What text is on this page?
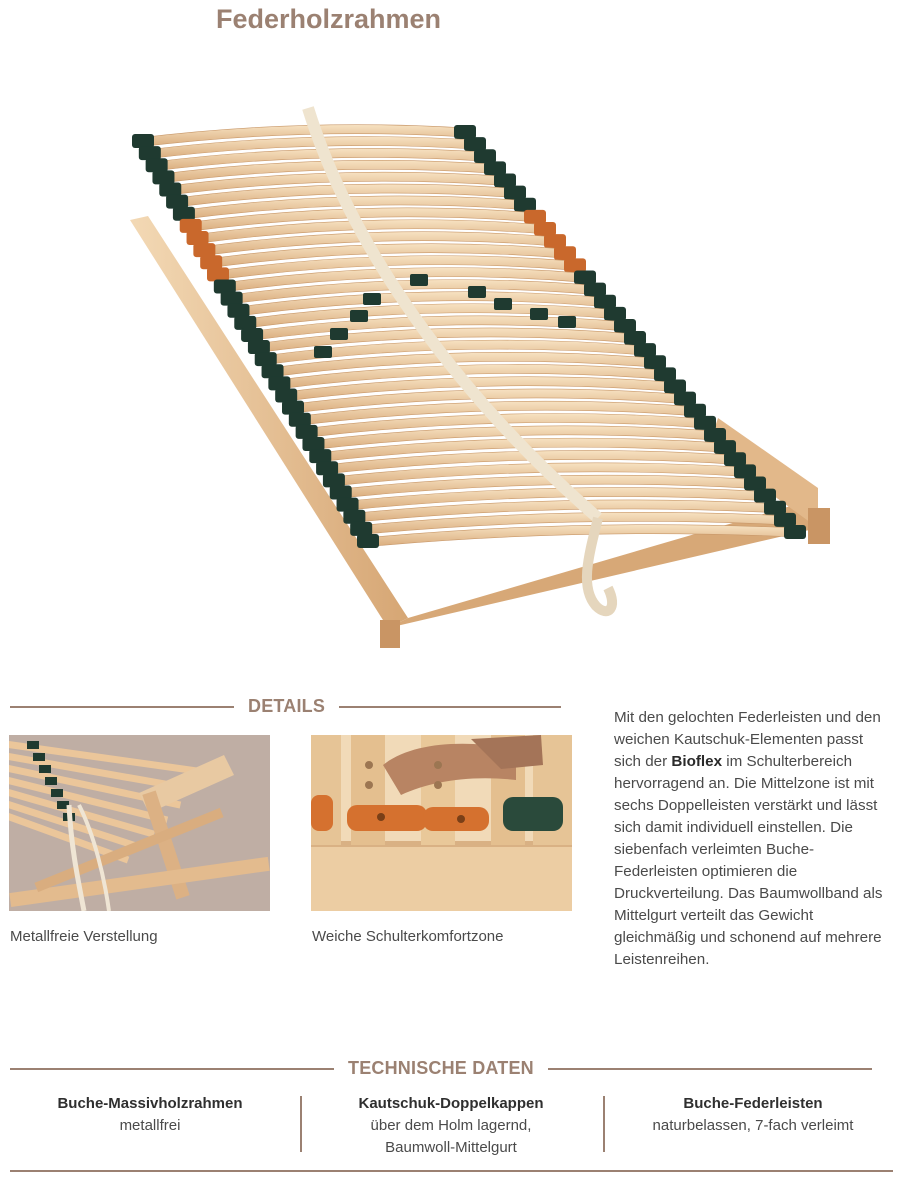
Federholzrahmen
DETAILS
Metallfreie Verstellung	Weiche Schulterkomfortzone
Mit den gelochten Federleisten und den weichen Kautschuk-Elementen passt sich der Bioflex im Schulterbereich hervorragend an. Die Mittelzone ist mit sechs Doppelleisten verstärkt und lässt sich damit individuell einstellen. Die siebenfach verleimten Buche-Federleisten optimieren die Druckverteilung. Das Baumwollband als Mittelgurt verteilt das Gewicht gleichmäßig und schonend auf mehrere Leistenreihen.
TECHNISCHE DATEN
Buche-Massivholzrahmen
metallfrei
Kautschuk-Doppelkappen
über dem Holm lagernd,
Baumwoll-Mittelgurt
Buche-Federleisten
naturbelassen, 7-fach verleimt
